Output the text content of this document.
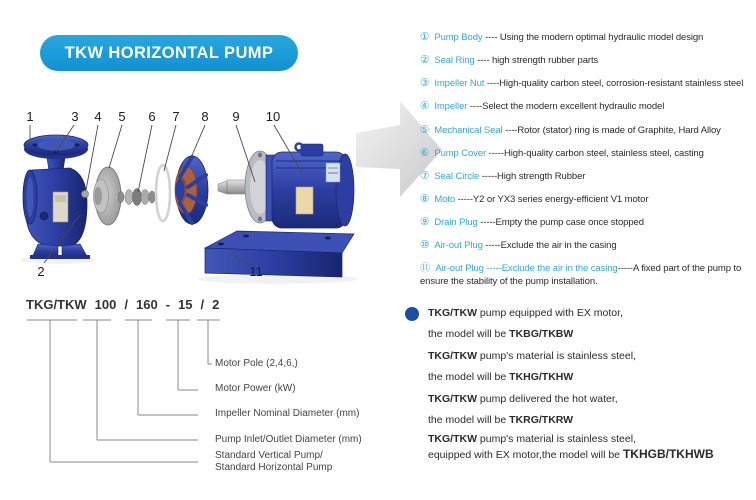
TKW HORIZONTAL PUMP
1	3 4 5 6 7 8 9 10
2	11
① Pump Body ---- Using the modern optimal hydraulic model design
② Seal Ring ---- high strength rubber parts
③ Impeller Nut ----High-quality carbon steel, corrosion-resistant stainless steel
④ Impeller ----Select the modern excellent hydraulic model
⑤ Mechanical Seal ----Rotor (stator) ring is made of Graphite, Hard Alloy
⑥ Pump Cover -----High-quality carbon steel, stainless steel, casting
⑦ Seal Circle -----High strength Rubber
⑧ Moto -----Y2 or YX3 series energy-efficient V1 motor
⑨ Drain Plug -----Empty the pump case once stopped
⑩ Air-out Plug -----Exclude the air in the casing
⑪ Air-out Plug -----Exclude the air in the casing-----A fixed part of the pump to ensure the stability of the pump installation.
TKG/TKW 100 / 160 - 15 / 2
Motor Pole (2,4,6,)
Motor Power (kW)
Impeller Nominal Diameter (mm)
Pump Inlet/Outlet Diameter (mm)
Standard Vertical Pump/
Standard Horizontal Pump
TKG/TKW pump equipped with EX motor,
the model will be TKBG/TKBW
TKG/TKW pump's material is stainless steel,
the model will be TKHG/TKHW
TKG/TKW pump delivered the hot water,
the model will be TKRG/TKRW
TKG/TKW pump's material is stainless steel,
equipped with EX motor,the model will be TKHGB/TKHWB
